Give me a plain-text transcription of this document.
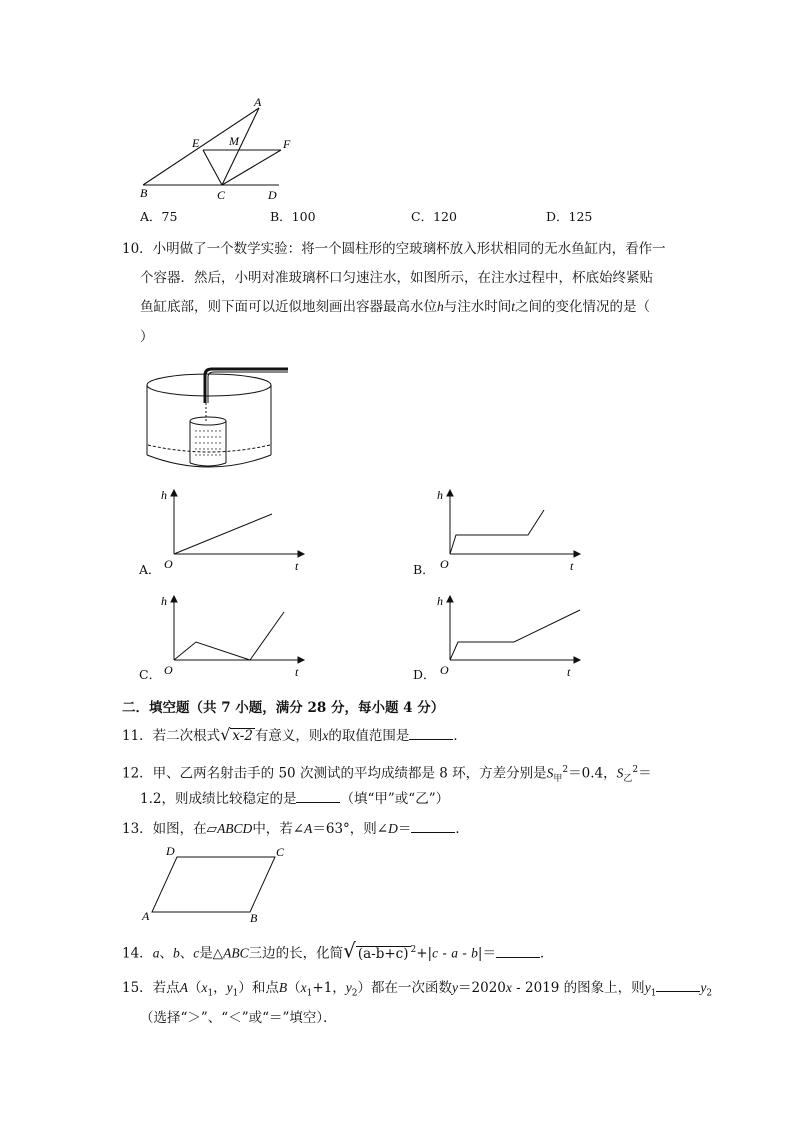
A
E M	F
B	C	D
A．75	B．100	C．120	D．125
10．小明做了一个数学实验：将一个圆柱形的空玻璃杯放入形状相同的无水鱼缸内，看作一
个容器．然后，小明对准玻璃杯口匀速注水，如图所示，在注水过程中，杯底始终紧贴
鱼缸底部，则下面可以近似地刻画出容器最高水位h与注水时间t之间的变化情况的是（
）
A．
h
t
O	B．
h
t
O
C．
h
t
O	D．
h
t
O
二．填空题（共 7 小题，满分 28 分，每小题 4 分）
11．若二次根式√ x-2 有意义，则x的取值范围是	．
12．甲、乙两名射击手的 50 次测试的平均成绩都是 8 环，方差分别是$S_甲^2=0.4$，$S_乙^2=$
1.2，则成绩比较稳定的是	（填“甲”或“乙”）
13．如图，在▱ABCD中，若∠A＝63°，则∠D＝	．
D	C
A	B
14．a、b、c是△ABC三边的长，化简√ (a-b+c) $^2$+|c - a - b|＝	．
15．若点$A(x_1$，$y_1$）和点$B(x_1+1$，$y_2$）都在一次函数y＝2020x - 2019 的图象上，则$y_1$	$y_2$
（选择“＞”、“＜”或“＝”填空）．
